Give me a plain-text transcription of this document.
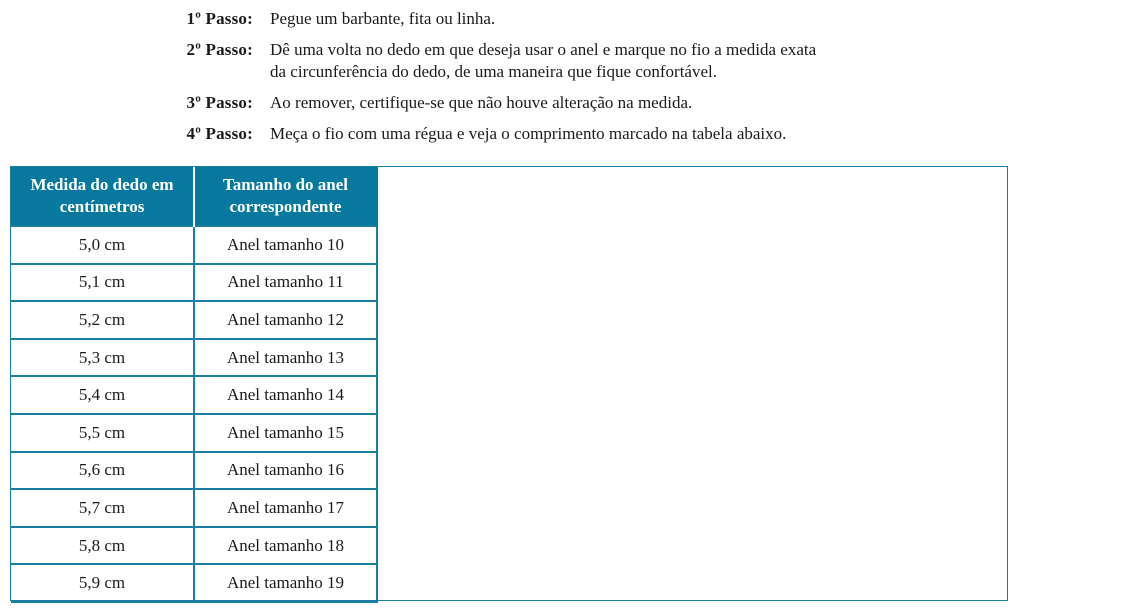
1º Passo: Pegue um barbante, fita ou linha.
2º Passo: Dê uma volta no dedo em que deseja usar o anel e marque no fio a medida exata
da circunferência do dedo, de uma maneira que fique confortável.
3º Passo: Ao remover, certifique-se que não houve alteração na medida.
4º Passo: Meça o fio com uma régua e veja o comprimento marcado na tabela abaixo.
Medida do dedo em centímetros	Tamanho do anel correspondente
5,0 cm	Anel tamanho 10
5,1 cm	Anel tamanho 11
5,2 cm	Anel tamanho 12
5,3 cm	Anel tamanho 13
5,4 cm	Anel tamanho 14
5,5 cm	Anel tamanho 15
5,6 cm	Anel tamanho 16
5,7 cm	Anel tamanho 17
5,8 cm	Anel tamanho 18
5,9 cm	Anel tamanho 19
